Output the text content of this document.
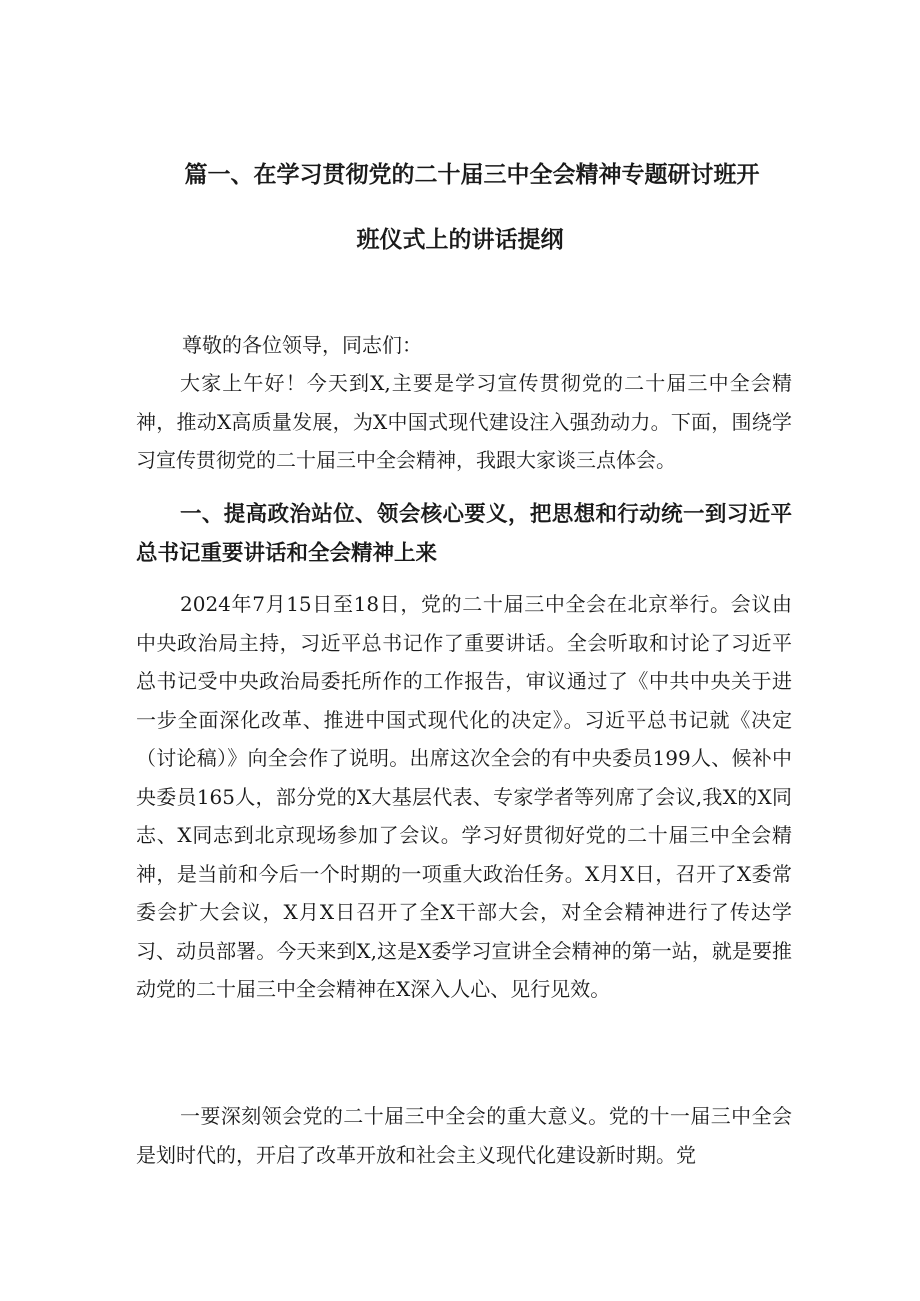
篇一、在学习贯彻党的二十届三中全会精神专题研讨班开
班仪式上的讲话提纲

尊敬的各位领导，同志们：

大家上午好！今天到X,主要是学习宣传贯彻党的二十届三中全会精神，推动X高质量发展，为X中国式现代建设注入强劲动力。下面，围绕学习宣传贯彻党的二十届三中全会精神，我跟大家谈三点体会。

一、提高政治站位、领会核心要义，把思想和行动统一到习近平总书记重要讲话和全会精神上来

2024年7月15日至18日，党的二十届三中全会在北京举行。会议由中央政治局主持，习近平总书记作了重要讲话。全会听取和讨论了习近平总书记受中央政治局委托所作的工作报告，审议通过了《中共中央关于进一步全面深化改革、推进中国式现代化的决定》。习近平总书记就《决定（讨论稿）》向全会作了说明。出席这次全会的有中央委员199人、候补中央委员165人，部分党的X大基层代表、专家学者等列席了会议,我X的X同志、X同志到北京现场参加了会议。学习好贯彻好党的二十届三中全会精神，是当前和今后一个时期的一项重大政治任务。X月X日，召开了X委常委会扩大会议，X月X日召开了全X干部大会，对全会精神进行了传达学习、动员部署。今天来到X,这是X委学习宣讲全会精神的第一站，就是要推动党的二十届三中全会精神在X深入人心、见行见效。

一要深刻领会党的二十届三中全会的重大意义。党的十一届三中全会是划时代的，开启了改革开放和社会主义现代化建设新时期。党
